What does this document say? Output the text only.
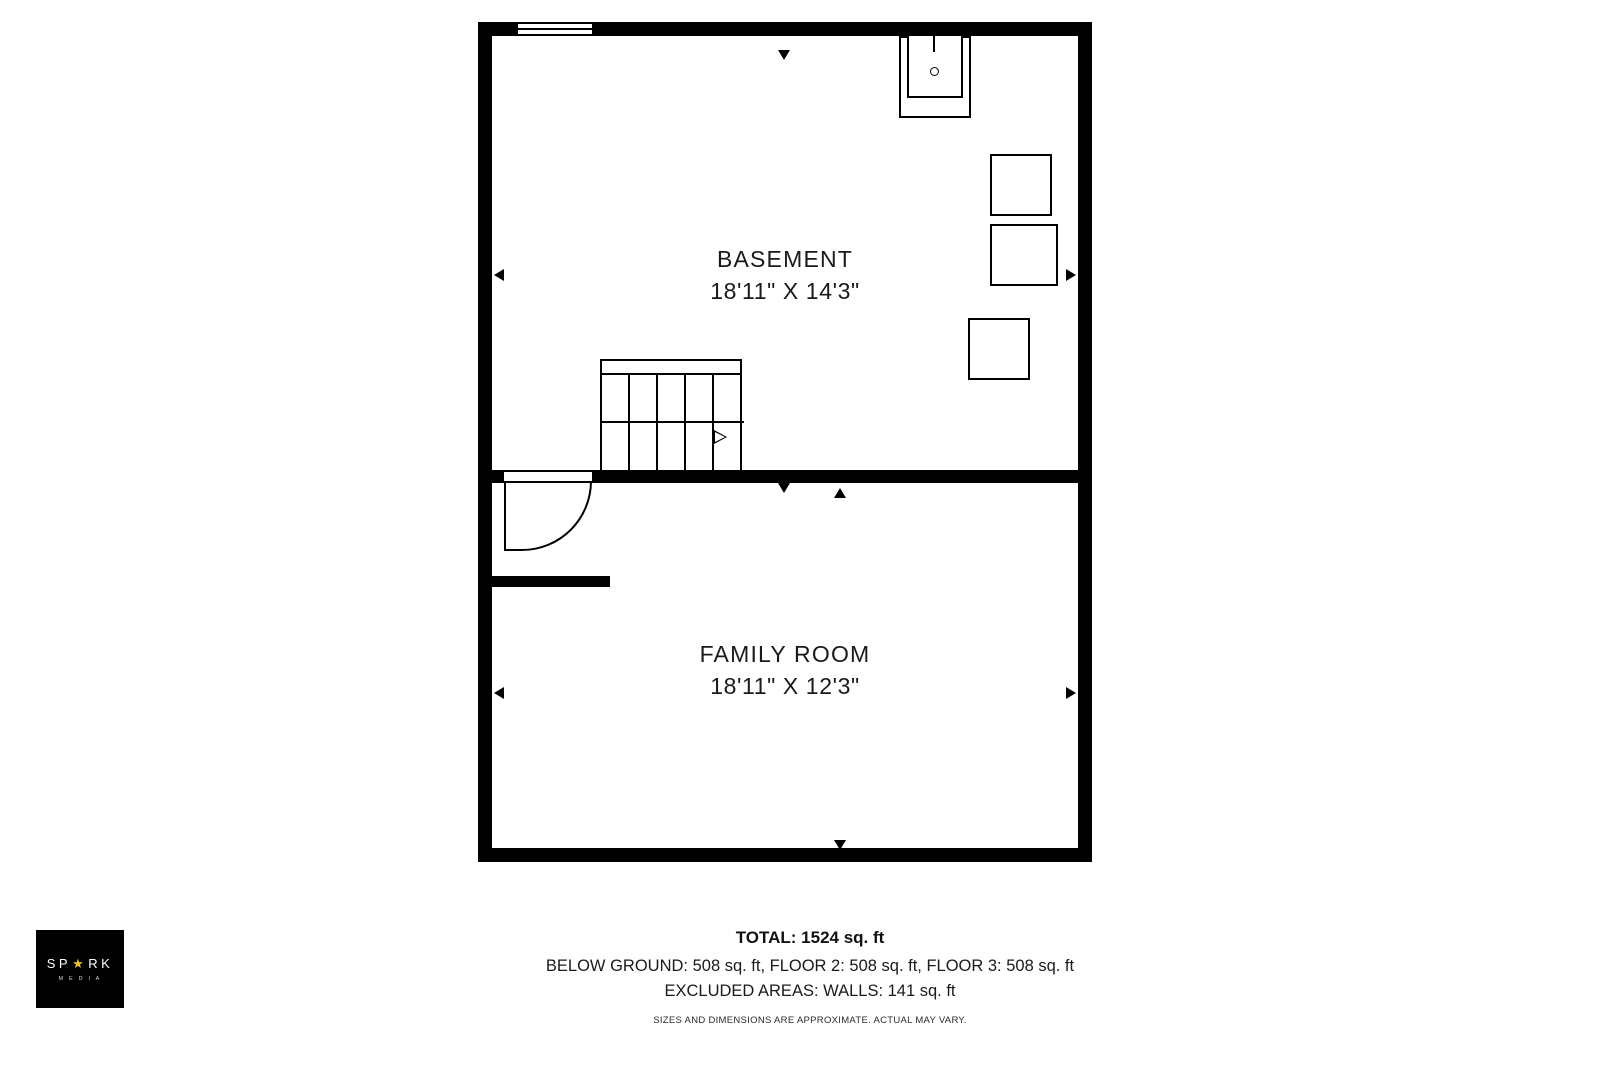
BASEMENT
18'11" X 14'3"
FAMILY ROOM
18'11" X 12'3"
TOTAL: 1524 sq. ft
BELOW GROUND: 508 sq. ft, FLOOR 2: 508 sq. ft, FLOOR 3: 508 sq. ft
EXCLUDED AREAS: WALLS: 141 sq. ft
SIZES AND DIMENSIONS ARE APPROXIMATE. ACTUAL MAY VARY.
SP ★ RK
M E D I A
